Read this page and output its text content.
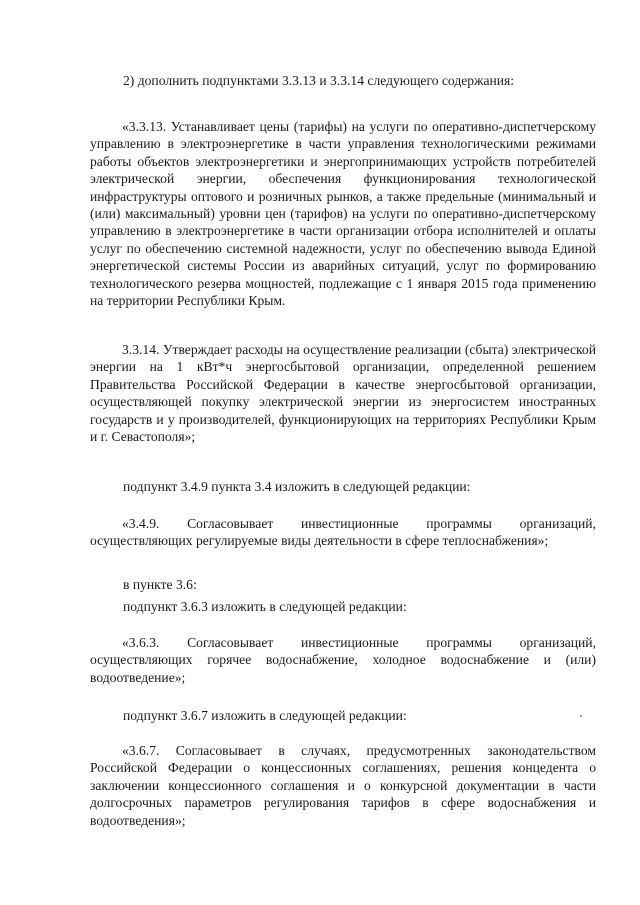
2) дополнить подпунктами 3.3.13 и 3.3.14 следующего содержания:

«3.3.13. Устанавливает цены (тарифы) на услуги по оперативно-диспетчерскому управлению в электроэнергетике в части управления технологическими режимами работы объектов электроэнергетики и энергопринимающих устройств потребителей электрической энергии, обеспечения функционирования технологической инфраструктуры оптового и розничных рынков, а также предельные (минимальный и (или) максимальный) уровни цен (тарифов) на услуги по оперативно-диспетчерскому управлению в электроэнергетике в части организации отбора исполнителей и оплаты услуг по обеспечению системной надежности, услуг по обеспечению вывода Единой энергетической системы России из аварийных ситуаций, услуг по формированию технологического резерва мощностей, подлежащие с 1 января 2015 года применению на территории Республики Крым.

3.3.14. Утверждает расходы на осуществление реализации (сбыта) электрической энергии на 1 кВт*ч энергосбытовой организации, определенной решением Правительства Российской Федерации в качестве энергосбытовой организации, осуществляющей покупку электрической энергии из энергосистем иностранных государств и у производителей, функционирующих на территориях Республики Крым и г. Севастополя»;

подпункт 3.4.9 пункта 3.4 изложить в следующей редакции:

«3.4.9. Согласовывает инвестиционные программы организаций, осуществляющих регулируемые виды деятельности в сфере теплоснабжения»;

в пункте 3.6:

подпункт 3.6.3 изложить в следующей редакции:

«3.6.3. Согласовывает инвестиционные программы организаций, осуществляющих горячее водоснабжение, холодное водоснабжение и (или) водоотведение»;

подпункт 3.6.7 изложить в следующей редакции:

«3.6.7. Согласовывает в случаях, предусмотренных законодательством Российской Федерации о концессионных соглашениях, решения концедента о заключении концессионного соглашения и о конкурсной документации в части долгосрочных параметров регулирования тарифов в сфере водоснабжения и водоотведения»;
